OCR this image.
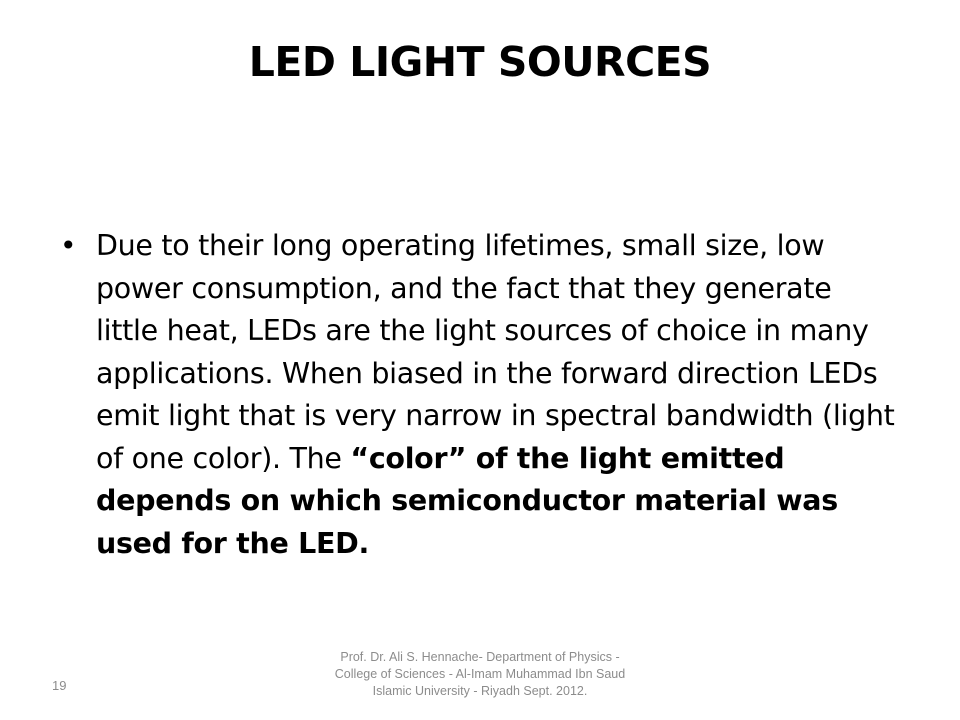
LED LIGHT SOURCES
• Due to their long operating lifetimes, small size, low power consumption, and the fact that they generate little heat, LEDs are the light sources of choice in many applications. When biased in the forward direction LEDs emit light that is very narrow in spectral bandwidth (light of one color). The “color” of the light emitted depends on which semiconductor material was used for the LED.
19
Prof. Dr. Ali S. Hennache- Department of Physics - College of Sciences - Al-Imam Muhammad Ibn Saud Islamic University - Riyadh Sept. 2012.
